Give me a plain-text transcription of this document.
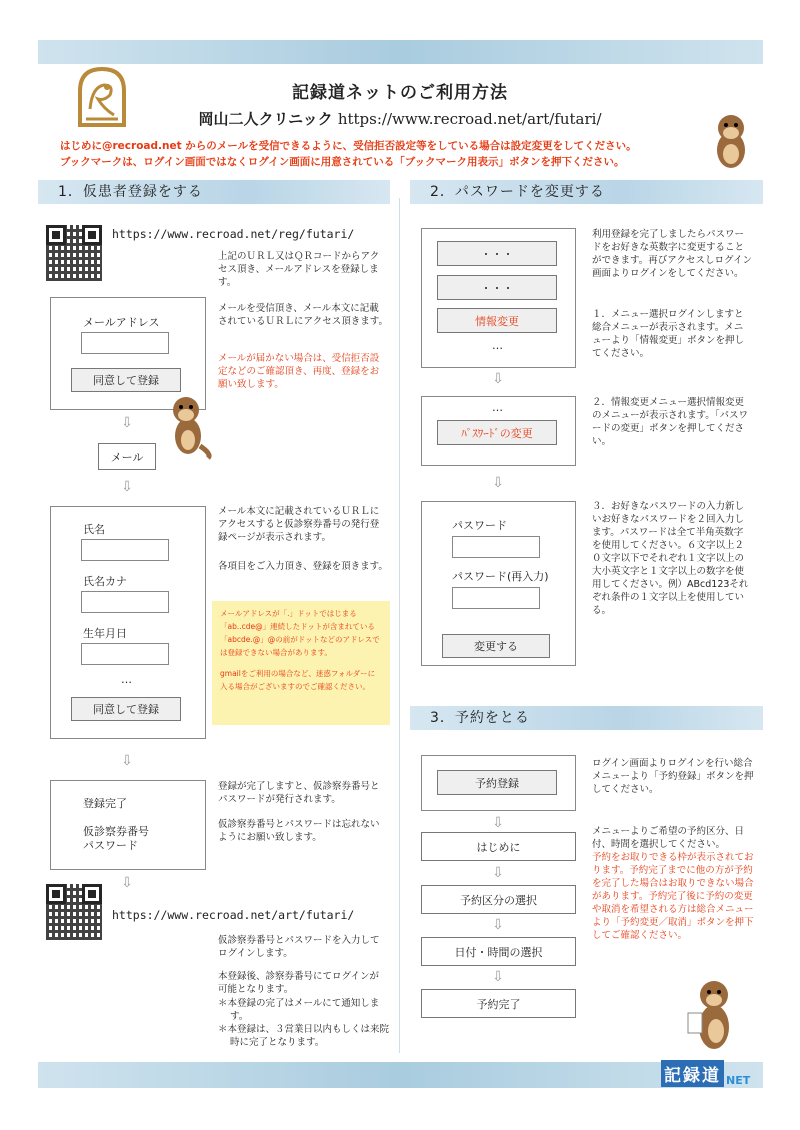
記録道ネットのご利用方法
岡山二人クリニック https://www.recroad.net/art/futari/
はじめに@recroad.net からのメールを受信できるように、受信拒否設定等をしている場合は設定変更をしてください。
ブックマークは、ログイン画面ではなくログイン画面に用意されている「ブックマーク用表示」ボタンを押下ください。
1．仮患者登録をする	2．パスワードを変更する
https://www.recroad.net/reg/futari/
上記のＵＲＬ又はＱＲコードからアクセス頂き、メールアドレスを登録します。
メールを受信頂き、メール本文に記載されているＵＲＬにアクセス頂きます。
メールが届かない場合は、受信拒否設定などのご確認頂き、再度、登録をお願い致します。
メールアドレス
同意して登録
⇩
メール
⇩
氏名
氏名カナ
生年月日
…
同意して登録
メール本文に記載されているＵＲＬにアクセスすると仮診察券番号の発行登録ページが表示されます。
各項目をご入力頂き、登録を頂きます。
メールアドレスが「.」ドットではじまる「ab..cde@」連続したドットが含まれている「abcde.@」@の前がドットなどのアドレスでは登録できない場合があります。
gmailをご利用の場合など、迷惑フォルダーに入る場合がございますのでご確認ください。
⇩
登録完了
仮診察券番号
パスワード
登録が完了しますと、仮診察券番号とパスワードが発行されます。
仮診察券番号とパスワードは忘れないようにお願い致します。
⇩
https://www.recroad.net/art/futari/
仮診察券番号とパスワードを入力してログインします。
本登録後、診察券番号にてログインが可能となります。
＊本登録の完了はメールにて通知します。
＊本登録は、３営業日以内もしくは来院時に完了となります。
・・・
・・・
情報変更
…
利用登録を完了しましたらパスワードをお好きな英数字に変更することができます。再びアクセスしログイン画面よりログインをしてください。
１．メニュー選択ログインしますと総合メニューが表示されます。メニューより「情報変更」ボタンを押してください。
⇩
…
ﾊﾟｽﾜｰﾄﾞの変更
２．情報変更メニュー選択情報変更のメニューが表示されます。「パスワードの変更」ボタンを押してください。
⇩
パスワード
パスワード(再入力)
変更する
３．お好きなパスワードの入力新しいお好きなパスワードを２回入力します。パスワードは全て半角英数字を使用してください。６文字以上２０文字以下でそれぞれ１文字以上の大小英文字と１文字以上の数字を使用してください。例）ABcd123それぞれ条件の１文字以上を使用している。
3．予約をとる
予約登録
⇩
はじめに
⇩
予約区分の選択
⇩
日付・時間の選択
⇩
予約完了
ログイン画面よりログインを行い総合メニューより「予約登録」ボタンを押してください。
メニューよりご希望の予約区分、日付、時間を選択してください。
予約をお取りできる枠が表示されております。予約完了までに他の方が予約を完了した場合はお取りできない場合があります。予約完了後に予約の変更や取消を希望される方は総合メニューより「予約変更／取消」ボタンを押下してご確認ください。
記録道 NET
